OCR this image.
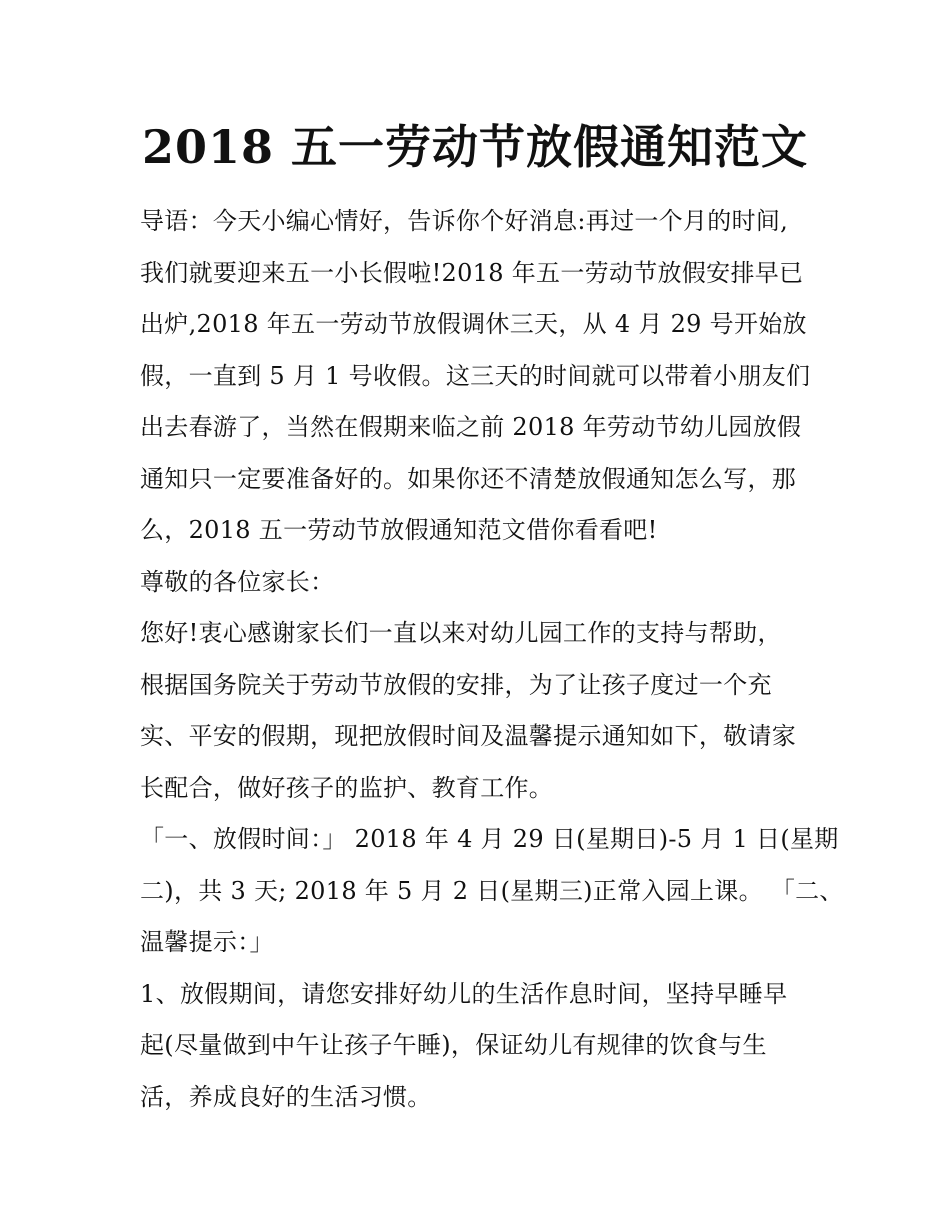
2018 五一劳动节放假通知范文
导语：今天小编心情好，告诉你个好消息:再过一个月的时间,
我们就要迎来五一小长假啦!2018 年五一劳动节放假安排早已
出炉,2018 年五一劳动节放假调休三天，从 4 月 29 号开始放
假，一直到 5 月 1 号收假。这三天的时间就可以带着小朋友们
出去春游了，当然在假期来临之前 2018 年劳动节幼儿园放假
通知只一定要准备好的。如果你还不清楚放假通知怎么写，那
么，2018 五一劳动节放假通知范文借你看看吧!
尊敬的各位家长：
您好!衷心感谢家长们一直以来对幼儿园工作的支持与帮助，
根据国务院关于劳动节放假的安排，为了让孩子度过一个充
实、平安的假期，现把放假时间及温馨提示通知如下，敬请家
长配合，做好孩子的监护、教育工作。
「一、放假时间：」 2018 年 4 月 29 日(星期日)-5 月 1 日(星期
二)，共 3 天; 2018 年 5 月 2 日(星期三)正常入园上课。 「二、
温馨提示：」
1、放假期间，请您安排好幼儿的生活作息时间，坚持早睡早
起(尽量做到中午让孩子午睡)，保证幼儿有规律的饮食与生
活，养成良好的生活习惯。
